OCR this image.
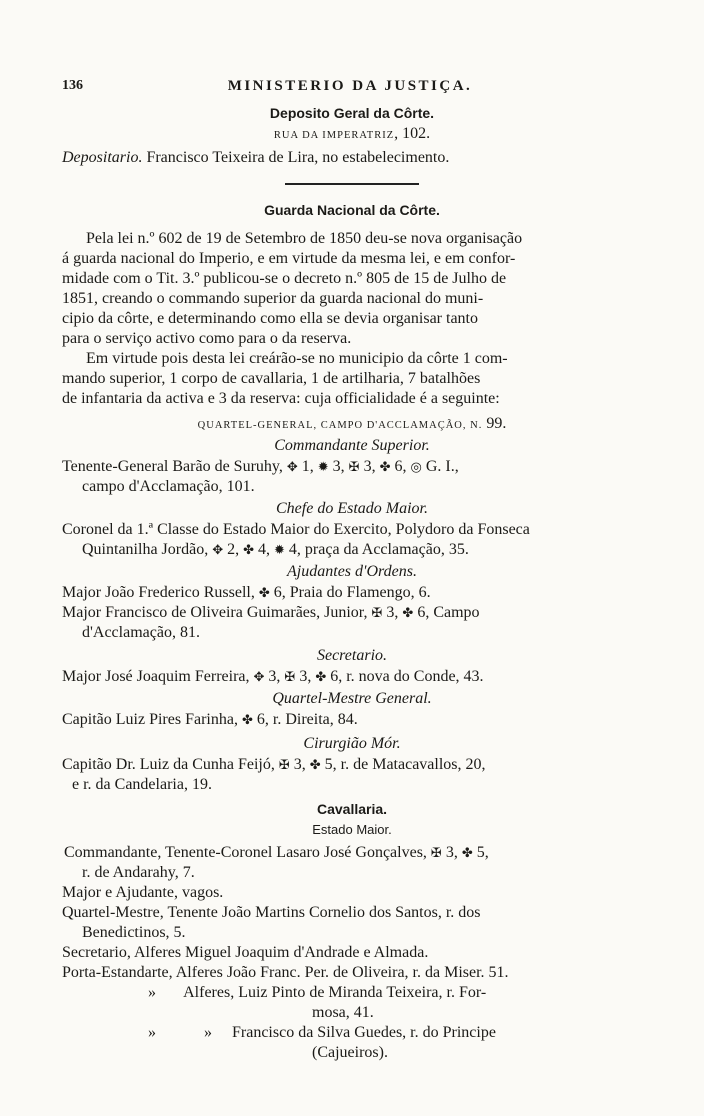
136	MINISTERIO DA JUSTIÇA.
Deposito Geral da Côrte.
RUA DA IMPERATRIZ, 102.
Depositario. Francisco Teixeira de Lira, no estabelecimento.
Guarda Nacional da Côrte.
Pela lei n.º 602 de 19 de Setembro de 1850 deu-se nova organisação
á guarda nacional do Imperio, e em virtude da mesma lei, e em confor-
midade com o Tit. 3.º publicou-se o decreto n.º 805 de 15 de Julho de
1851, creando o commando superior da guarda nacional do muni-
cipio da côrte, e determinando como ella se devia organisar tanto
para o serviço activo como para o da reserva.
Em virtude pois desta lei creárão-se no municipio da côrte 1 com-
mando superior, 1 corpo de cavallaria, 1 de artilharia, 7 batalhões
de infantaria da activa e 3 da reserva: cuja officialidade é a seguinte:
QUARTEL-GENERAL, CAMPO D'ACCLAMAÇÃO, N. 99.
Commandante Superior.
Tenente-General Barão de Suruhy, ✥ 1, ✹ 3, ✠ 3, ✤ 6, ◎ G. I.,
campo d'Acclamação, 101.
Chefe do Estado Maior.
Coronel da 1.ª Classe do Estado Maior do Exercito, Polydoro da Fonseca
Quintanilha Jordão, ✥ 2, ✤ 4, ✹ 4, praça da Acclamação, 35.
Ajudantes d'Ordens.
Major João Frederico Russell, ✤ 6, Praia do Flamengo, 6.
Major Francisco de Oliveira Guimarães, Junior, ✠ 3, ✤ 6, Campo
d'Acclamação, 81.
Secretario.
Major José Joaquim Ferreira, ✥ 3, ✠ 3, ✤ 6, r. nova do Conde, 43.
Quartel-Mestre General.
Capitão Luiz Pires Farinha, ✤ 6, r. Direita, 84.
Cirurgião Mór.
Capitão Dr. Luiz da Cunha Feijó, ✠ 3, ✤ 5, r. de Matacavallos, 20,
e r. da Candelaria, 19.
Cavallaria.
Estado Maior.
Commandante, Tenente-Coronel Lasaro José Gonçalves, ✠ 3, ✤ 5,
r. de Andarahy, 7.
Major e Ajudante, vagos.
Quartel-Mestre, Tenente João Martins Cornelio dos Santos, r. dos
Benedictinos, 5.
Secretario, Alferes Miguel Joaquim d'Andrade e Almada.
Porta-Estandarte, Alferes João Franc. Per. de Oliveira, r. da Miser. 51.
»       Alferes, Luiz Pinto de Miranda Teixeira, r. For-
mosa, 41.
»            »     Francisco da Silva Guedes, r. do Principe
(Cajueiros).
